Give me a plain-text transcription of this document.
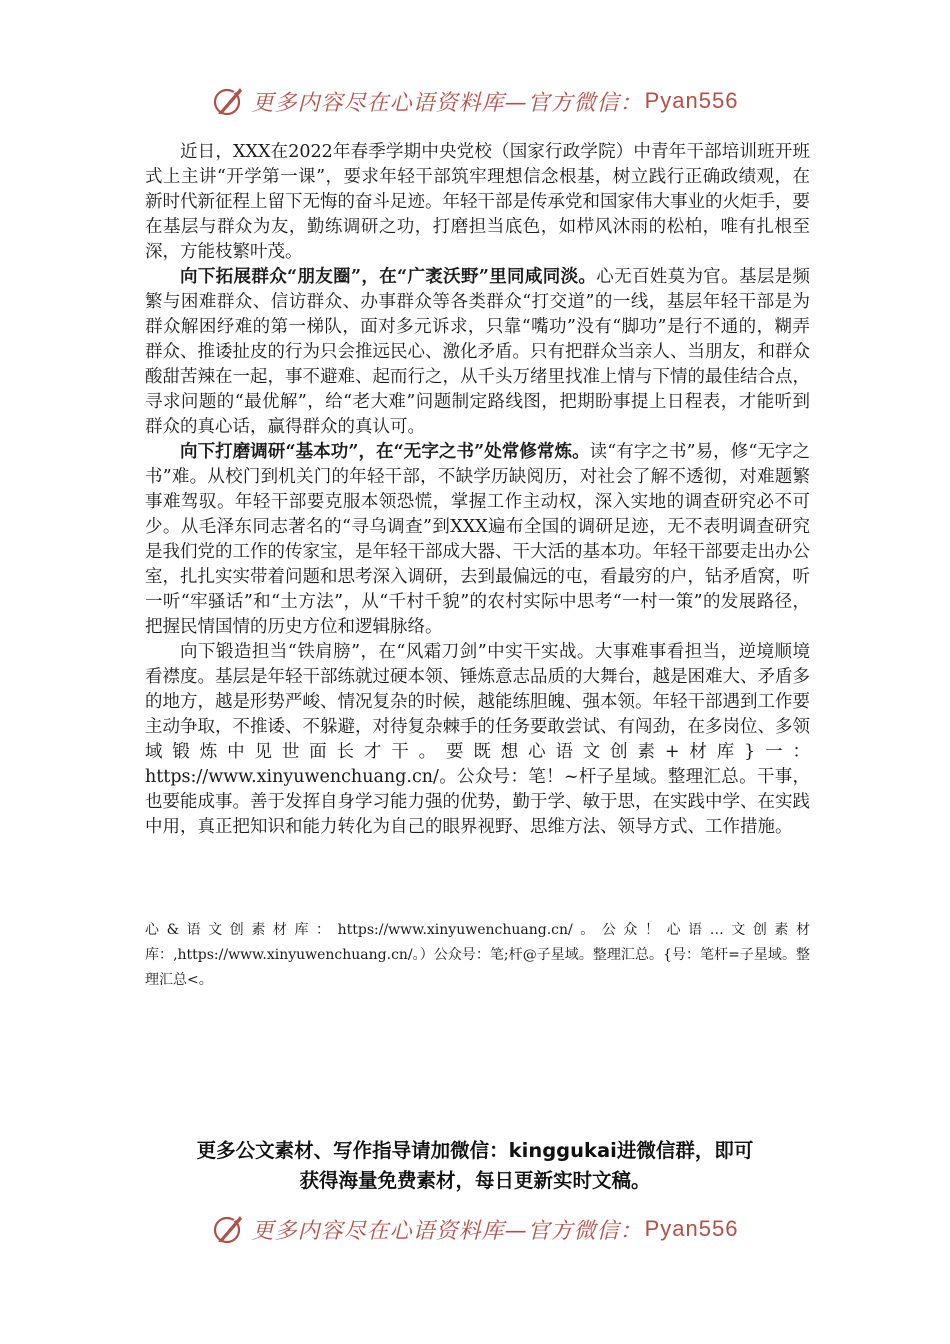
更多内容尽在心语资料库—官方微信： Pyan556

近日，XXX在2022年春季学期中央党校（国家行政学院）中青年干部培训班开班式上主讲“开学第一课”，要求年轻干部筑牢理想信念根基，树立践行正确政绩观，在新时代新征程上留下无悔的奋斗足迹。年轻干部是传承党和国家伟大事业的火炬手，要在基层与群众为友，勤练调研之功，打磨担当底色，如栉风沐雨的松柏，唯有扎根至深，方能枝繁叶茂。

向下拓展群众“朋友圈”，在“广袤沃野”里同咸同淡。心无百姓莫为官。基层是频繁与困难群众、信访群众、办事群众等各类群众“打交道”的一线，基层年轻干部是为群众解困纾难的第一梯队，面对多元诉求，只靠“嘴功”没有“脚功”是行不通的，糊弄群众、推诿扯皮的行为只会推远民心、激化矛盾。只有把群众当亲人、当朋友，和群众酸甜苦辣在一起，事不避难、起而行之，从千头万绪里找准上情与下情的最佳结合点，寻求问题的“最优解”，给“老大难”问题制定路线图，把期盼事提上日程表，才能听到群众的真心话，赢得群众的真认可。

向下打磨调研“基本功”，在“无字之书”处常修常炼。读“有字之书”易，修“无字之书”难。从校门到机关门的年轻干部，不缺学历缺阅历，对社会了解不透彻，对难题繁事难驾驭。年轻干部要克服本领恐慌，掌握工作主动权，深入实地的调查研究必不可少。从毛泽东同志著名的“寻乌调查”到XXX遍布全国的调研足迹，无不表明调查研究是我们党的工作的传家宝，是年轻干部成大器、干大活的基本功。年轻干部要走出办公室，扎扎实实带着问题和思考深入调研，去到最偏远的屯，看最穷的户，钻矛盾窝，听一听“牢骚话”和“土方法”，从“千村千貌”的农村实际中思考“一村一策”的发展路径，把握民情国情的历史方位和逻辑脉络。

向下锻造担当“铁肩膀”，在“风霜刀剑”中实干实战。大事难事看担当，逆境顺境看襟度。基层是年轻干部练就过硬本领、锤炼意志品质的大舞台，越是困难大、矛盾多的地方，越是形势严峻、情况复杂的时候，越能练胆魄、强本领。年轻干部遇到工作要主动争取，不推诿、不躲避，对待复杂棘手的任务要敢尝试、有闯劲，在多岗位、多领域锻炼中见世面长才干。要既想心语文创素+材库}一：https://www.xinyuwenchuang.cn/。公众号：笔！~杆子星域。整理汇总。干事，也要能成事。善于发挥自身学习能力强的优势，勤于学、敏于思，在实践中学、在实践中用，真正把知识和能力转化为自己的眼界视野、思维方法、领导方式、工作措施。

心&语文创素材库：https://www.xinyuwenchuang.cn/。公众！心语…文创素材库：,https://www.xinyuwenchuang.cn/。）公众号：笔;杆@子星域。整理汇总。{号：笔杆=子星域。整理汇总<。
更多公文素材、写作指导请加微信：kinggukai进微信群，即可
获得海量免费素材，每日更新实时文稿。
更多内容尽在心语资料库—官方微信： Pyan556
